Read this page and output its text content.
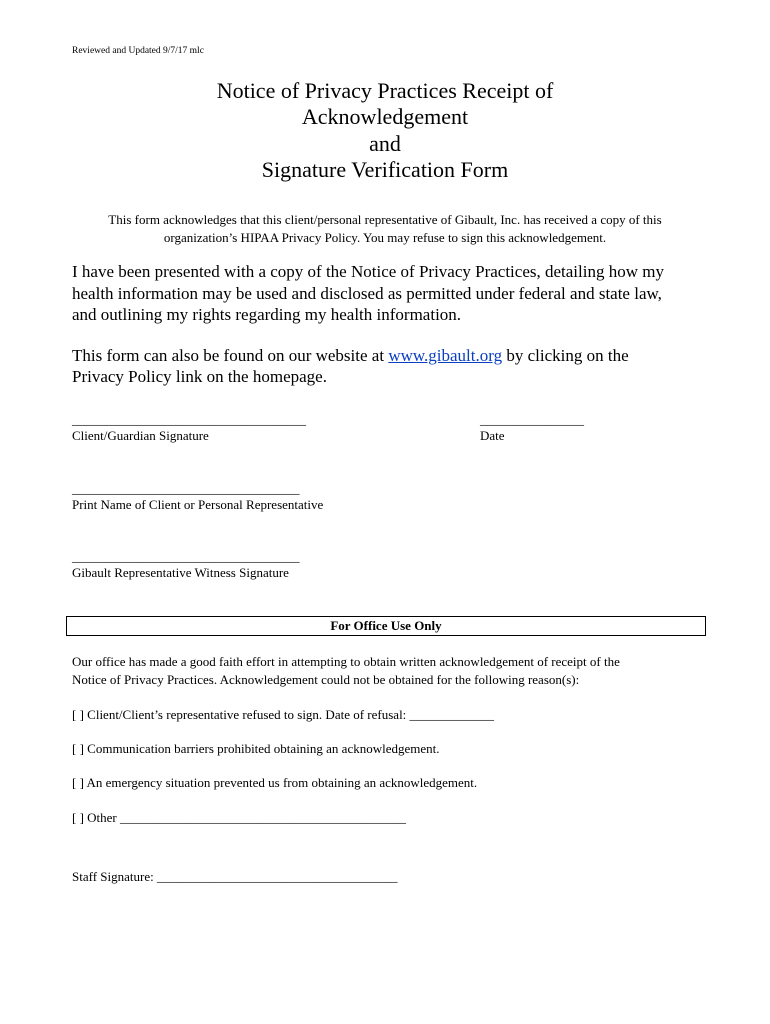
Reviewed and Updated 9/7/17 mlc

Notice of Privacy Practices Receipt of

Acknowledgement

and

Signature Verification Form

This form acknowledges that this client/personal representative of Gibault, Inc. has received a copy of this

organization’s HIPAA Privacy Policy. You may refuse to sign this acknowledgement.

I have been presented with a copy of the Notice of Privacy Practices, detailing how my

health information may be used and disclosed as permitted under federal and state law,

and outlining my rights regarding my health information.

This form can also be found on our website at www.gibault.org by clicking on the

Privacy Policy link on the homepage.

____________________________________

Client/Guardian Signature

________________

Date

___________________________________

Print Name of Client or Personal Representative

___________________________________

Gibault Representative Witness Signature

For Office Use Only

Our office has made a good faith effort in attempting to obtain written acknowledgement of receipt of the

Notice of Privacy Practices. Acknowledgement could not be obtained for the following reason(s):

[ ] Client/Client’s representative refused to sign. Date of refusal: _____________

[ ] Communication barriers prohibited obtaining an acknowledgement.

[ ] An emergency situation prevented us from obtaining an acknowledgement.

[ ] Other ____________________________________________

Staff Signature: _____________________________________
